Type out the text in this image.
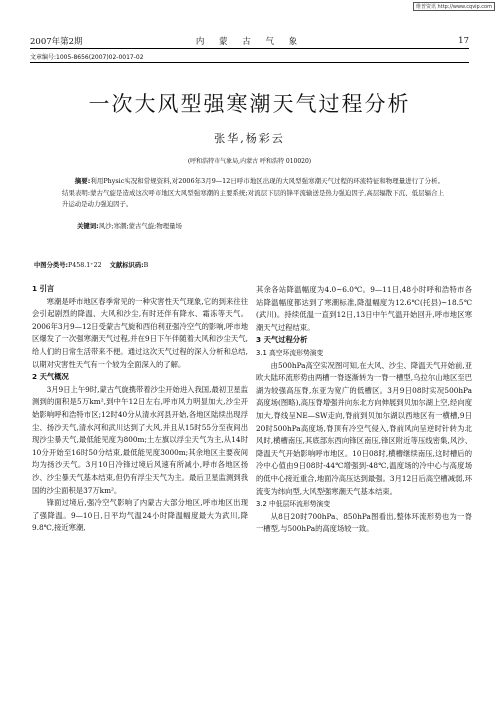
维普资讯 http://www.cqvip.com
2007年第2期	内 蒙 古 气 象	17
文章编号:1005-8656(2007)02-0017-02
一次大风型强寒潮天气过程分析
张华,杨彩云
(呼和浩特市气象局,内蒙古 呼和浩特 010020)
摘要:利用Physic实况和常规资料,对2006年3月9—12日呼市地区出现的大风型强寒潮天气过程的环流特征和物理量进行了分析。结果表明:蒙古气旋是造成这次呼市地区大风型强寒潮的主要系统;对流层下层的锋平流输送是热力强迫因子,高层辐散下沉、低层辐合上升运动是动力强迫因子。
关键词:风沙;寒潮;蒙古气旋;物理量场
中图分类号:P458.1⁺22 文献标识码:B

1 引言

寒潮是呼市地区春季常见的一种灾害性天气现象,它的到来往往会引起剧烈的降温、大风和沙尘,有时还伴有降水、霜冻等天气。2006年3月9—12日受蒙古气旋和西伯利亚强冷空气的影响,呼市地区爆发了一次强寒潮天气过程,并在9日下午伴随着大风和沙尘天气,给人们的日常生活带来不便。通过这次天气过程的深入分析和总结,以期对灾害性天气有一个较为全面深入的了解。

2 天气概况

3月9日上午9时,蒙古气旋携带着沙尘开始进入我国,最初卫星监测到的面积是5万km²,到中午12日左右,呼市风力明显加大,沙尘开始影响呼和浩特市区;12时40分从清水河县开始,各地区陆续出现浮尘、扬沙天气,清水河和武川达到了大风,并且从15时55分至夜间出现沙尘暴天气,最低能见度为800m;土左旗以浮尘天气为主,从14时10分开始至16时50分结束,最低能见度3000m;其余地区主要夜间均为扬沙天气。3月10日冷锋过境后风速有所减小,呼市各地区扬沙、沙尘暴天气基本结束,但仍有浮尘天气为主。最后卫星监测到我国的沙尘面积是37万km²。

锋面过境后,强冷空气影响了内蒙古大部分地区,呼市地区出现了强降温。9—10日,日平均气温24小时降温幅度最大为武川,降9.8℃,接近寒潮,

其余各站降温幅度为4.0~6.0℃。9—11日,48小时呼和浩特市各站降温幅度都达到了寒潮标准,降温幅度为12.6℃(托县)~18.5℃(武川)。持续低温一直到12日,13日中午气温开始回升,呼市地区寒潮天气过程结束。

3 天气过程分析

3.1 高空环流形势演变

由500hPa高空实况图可知,在大风、沙尘、降温天气开始前,亚欧大陆环流形势由两槽一脊逐渐转为一脊一槽型,乌拉尔山地区至巴湖为较强高压脊,东亚为宽广的低槽区。3月9日08时实况500hPa高度场(图略),高压脊增强并向东北方向伸展到贝加尔湖上空,经向度加大,脊线呈NE—SW走向,脊前到贝加尔湖以西地区有一横槽,9日20时500hPa高度场,脊顶有冷空气侵入,脊前风向呈逆时针转为北风时,横槽南压,其底部东西向锋区南压,锋区附近等压线密集,风沙、降温天气开始影响呼市地区。10日08时,横槽继续南压,这时槽后的冷中心值由9日08时-44℃增强到-48℃,温度场的冷中心与高度场的低中心接近重合,地面冷高压达到最强。3月12日后高空槽减弱,环流变为纬向型,大风型强寒潮天气基本结束。

3.2 中低层环流形势演变

从8日20时700hPa、850hPa图看出,整体环流形势也为一脊一槽型,与500hPa的高度场较一致。
